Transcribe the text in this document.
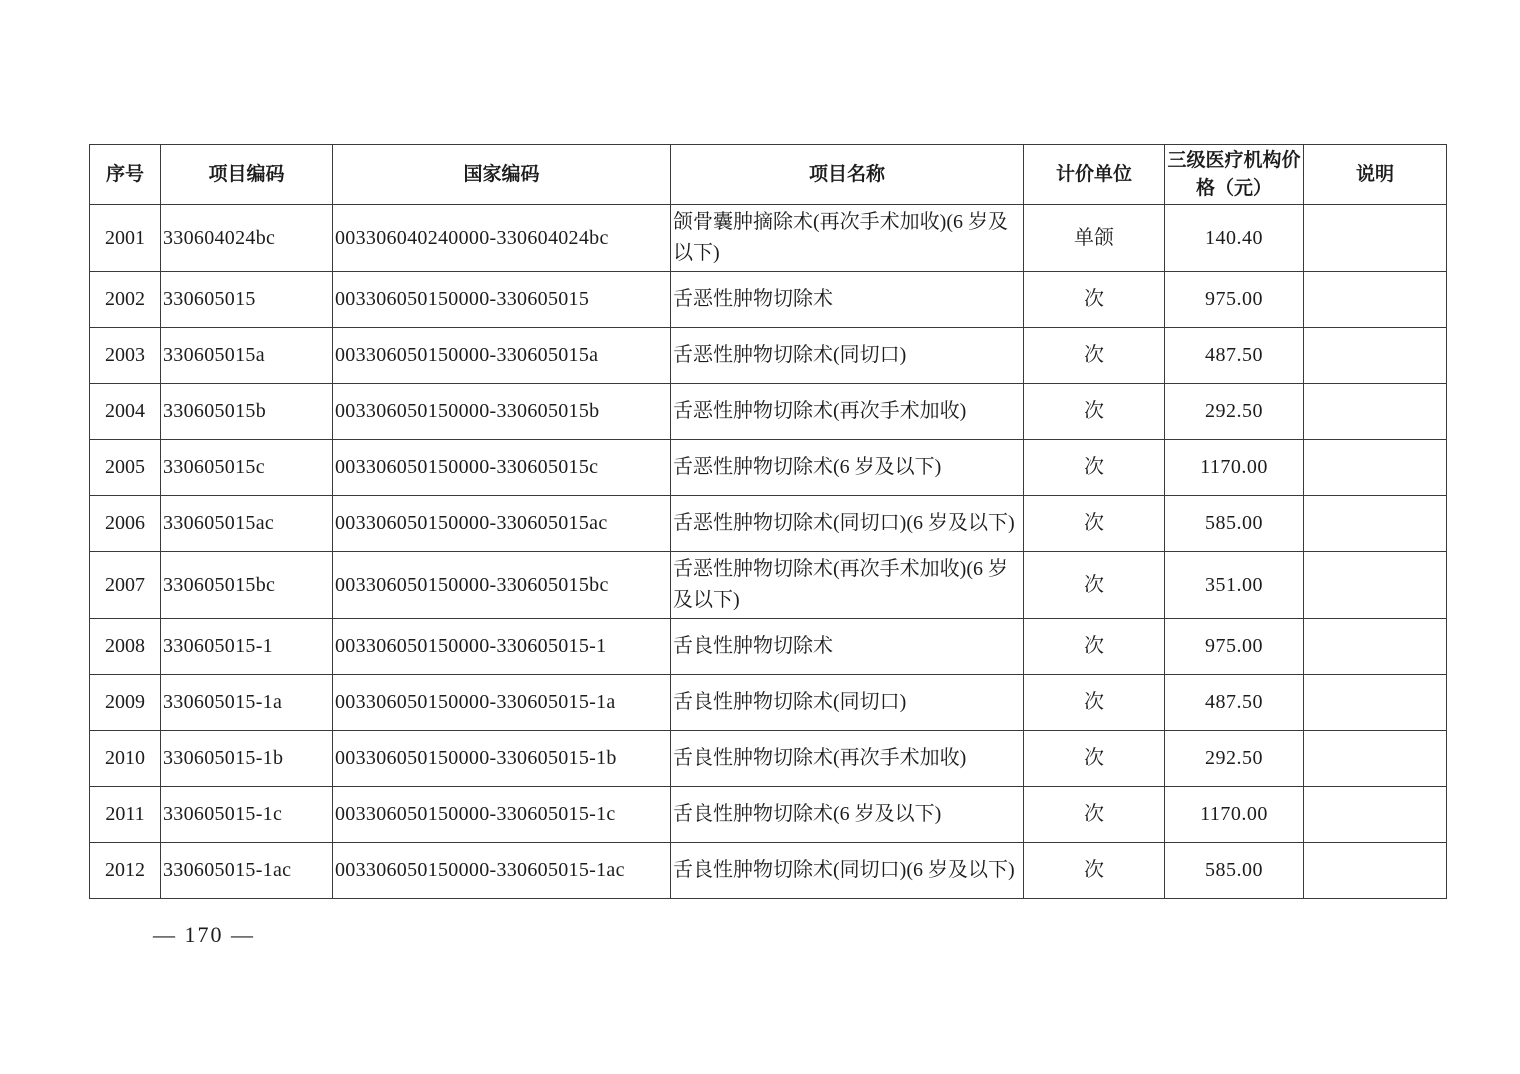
序号	项目编码	国家编码	项目名称	计价单位	三级医疗机构价格（元）	说明
2001	330604024bc	003306040240000-330604024bc	颌骨囊肿摘除术(再次手术加收)(6 岁及以下)	单颌	140.40	
2002	330605015	003306050150000-330605015	舌恶性肿物切除术	次	975.00	
2003	330605015a	003306050150000-330605015a	舌恶性肿物切除术(同切口)	次	487.50	
2004	330605015b	003306050150000-330605015b	舌恶性肿物切除术(再次手术加收)	次	292.50	
2005	330605015c	003306050150000-330605015c	舌恶性肿物切除术(6 岁及以下)	次	1170.00	
2006	330605015ac	003306050150000-330605015ac	舌恶性肿物切除术(同切口)(6 岁及以下)	次	585.00	
2007	330605015bc	003306050150000-330605015bc	舌恶性肿物切除术(再次手术加收)(6 岁及以下)	次	351.00	
2008	330605015-1	003306050150000-330605015-1	舌良性肿物切除术	次	975.00	
2009	330605015-1a	003306050150000-330605015-1a	舌良性肿物切除术(同切口)	次	487.50	
2010	330605015-1b	003306050150000-330605015-1b	舌良性肿物切除术(再次手术加收)	次	292.50	
2011	330605015-1c	003306050150000-330605015-1c	舌良性肿物切除术(6 岁及以下)	次	1170.00	
2012	330605015-1ac	003306050150000-330605015-1ac	舌良性肿物切除术(同切口)(6 岁及以下)	次	585.00	
— 170 —
